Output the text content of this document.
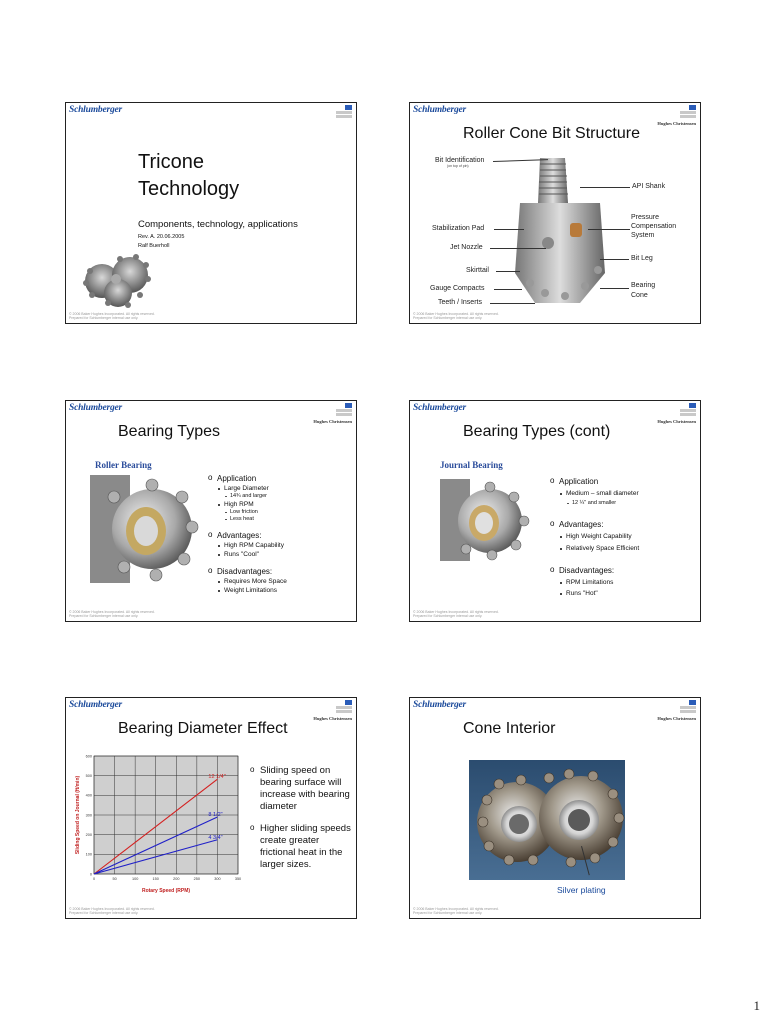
Schlumberger
Tricone
Technology
Components, technology, applications
Rev. A. 20.06.2005
Ralf Buerholl
© 2006 Baker Hughes Incorporated. All rights reserved.
Prepared for Schlumberger internal use only.
Schlumberger
Hughes Christensen
Roller Cone Bit Structure
Bit Identification
(on top of pin)
API Shank
Pressure Compensation System
Stabilization Pad
Jet Nozzle
Bit Leg
Skirttail
Gauge Compacts	Bearing Cone
Teeth / Inserts
© 2006 Baker Hughes Incorporated. All rights reserved.
Prepared for Schlumberger internal use only.
Schlumberger
Hughes Christensen
Bearing Types
Roller Bearing
o Application
Large Diameter
14¾ and larger
High RPM
Low friction
Less heat
o Advantages:
High RPM Capability
Runs "Cool"
o Disadvantages:
Requires More Space
Weight Limitations
© 2006 Baker Hughes Incorporated. All rights reserved.
Prepared for Schlumberger internal use only.
Schlumberger
Hughes Christensen
Bearing Types (cont)
Journal Bearing
o Application
Medium – small diameter
12 ¼" and smaller
o Advantages:
High Weight Capability
Relatively Space Efficient
o Disadvantages:
RPM Limitations
Runs "Hot"
© 2006 Baker Hughes Incorporated. All rights reserved.
Prepared for Schlumberger internal use only.
Schlumberger
Hughes Christensen
Bearing Diameter Effect
0	50	100	150	200	250	300	350
0
100
200
300
400
500
600
12 1/4"
8 1/2"
4 3/4"
Rotary Speed (RPM)
Sliding Speed on Journal (ft/min)
o Sliding speed on bearing surface will increase with bearing diameter
o Higher sliding speeds create greater frictional heat in the larger sizes.
© 2006 Baker Hughes Incorporated. All rights reserved.
Prepared for Schlumberger internal use only.
Schlumberger
Hughes Christensen
Cone Interior
Silver plating
© 2006 Baker Hughes Incorporated. All rights reserved.
Prepared for Schlumberger internal use only.
1
